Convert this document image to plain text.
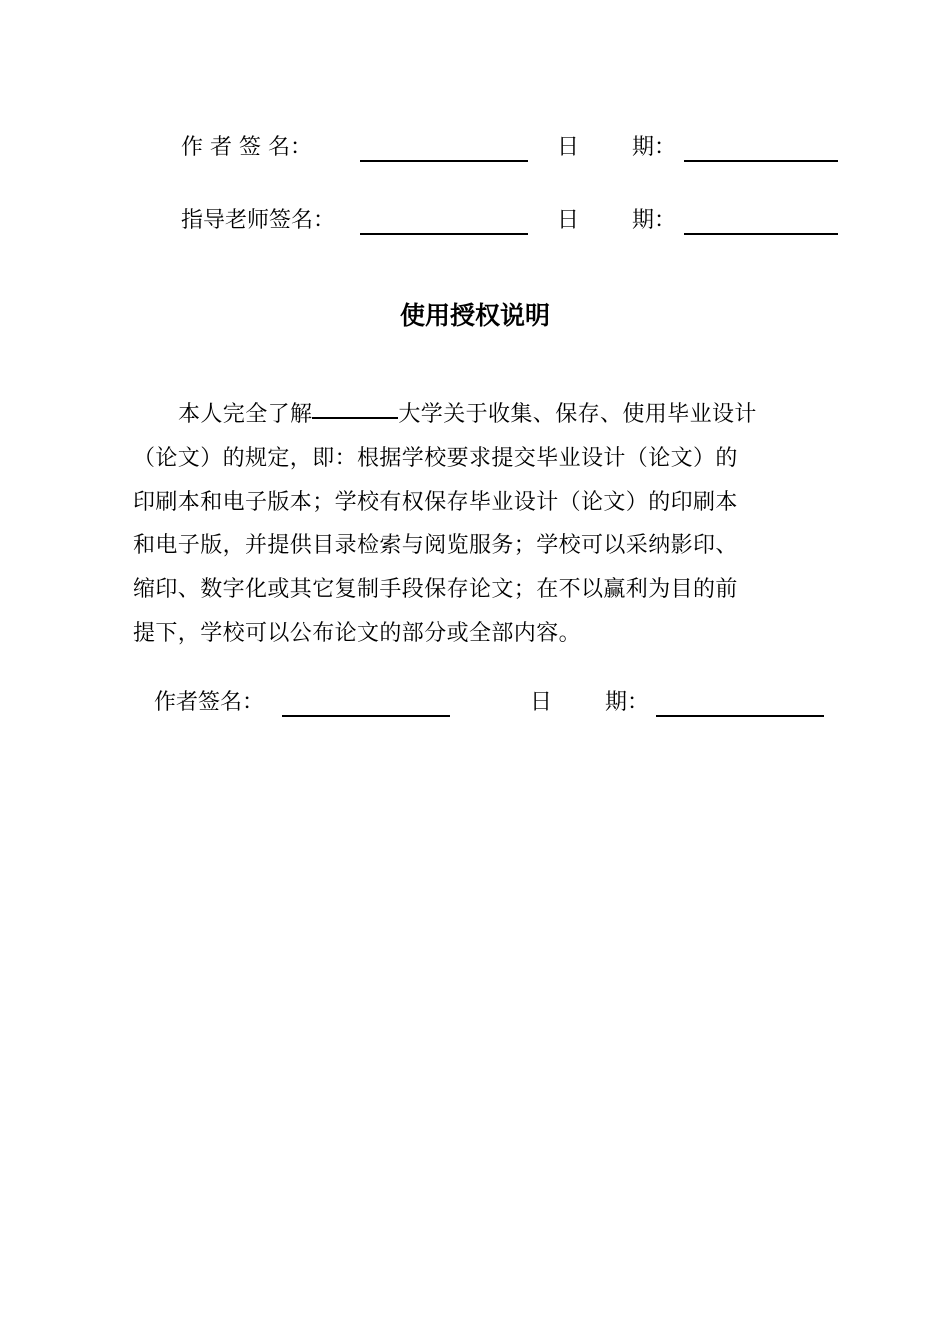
作 者 签 名：	日 期：
指导老师签名：	日 期：
使用授权说明
本人完全了解	大学关于收集、保存、使用毕业设计
（论文）的规定，即：根据学校要求提交毕业设计（论文）的
印刷本和电子版本；学校有权保存毕业设计（论文）的印刷本
和电子版，并提供目录检索与阅览服务；学校可以采纳影印、
缩印、数字化或其它复制手段保存论文；在不以赢利为目的前
提下，学校可以公布论文的部分或全部内容。
作者签名：	日 期：
